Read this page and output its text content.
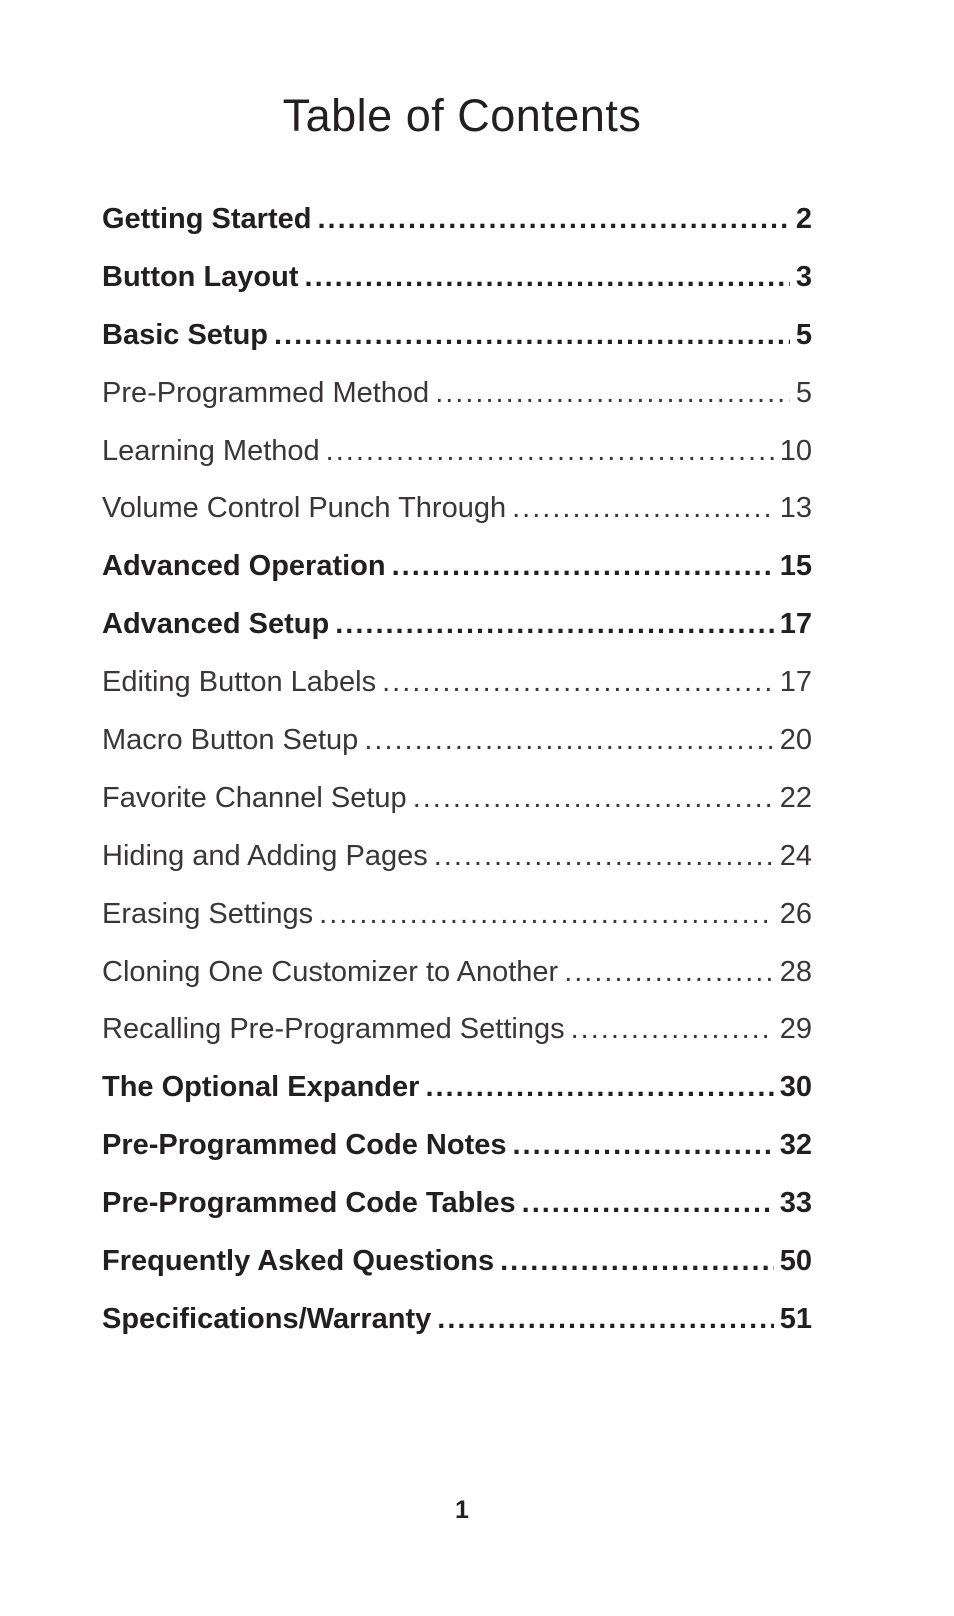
Table of Contents
Getting Started .....	2
Button Layout .....	3
Basic Setup .....	5
Pre-Programmed Method .....	5
Learning Method .....	10
Volume Control Punch Through .....	13
Advanced Operation .....	15
Advanced Setup .....	17
Editing Button Labels .....	17
Macro Button Setup .....	20
Favorite Channel Setup .....	22
Hiding and Adding Pages .....	24
Erasing Settings .....	26
Cloning One Customizer to Another .....	28
Recalling Pre-Programmed Settings .....	29
The Optional Expander .....	30
Pre-Programmed Code Notes .....	32
Pre-Programmed Code Tables .....	33
Frequently Asked Questions .....	50
Specifications/Warranty .....	51
1
